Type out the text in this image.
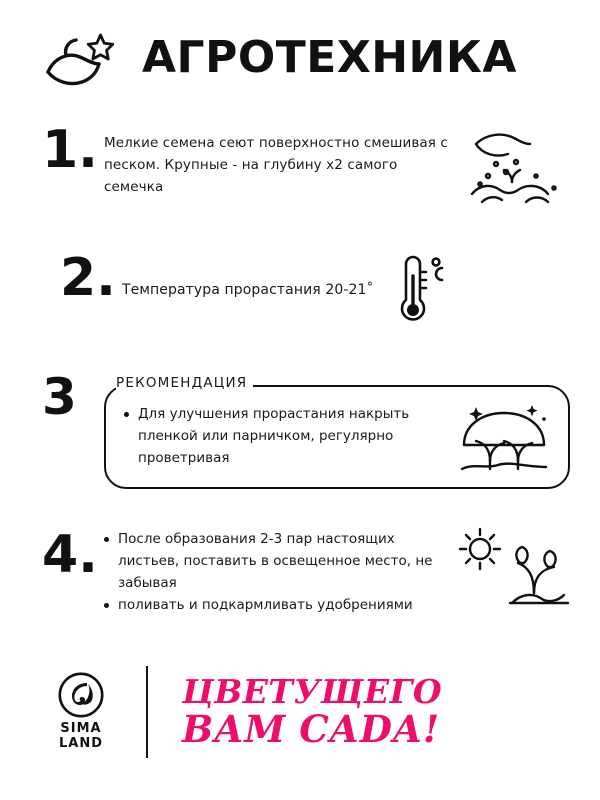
АГРОТЕХНИКА
1. Мелкие семена сеют поверхностно смешивая с песком. Крупные - на глубину х2 самого семечка
2. Температура прорастания 20-21˚
3	РЕКОМЕНДАЦИЯ
Для улучшения прорастания накрыть пленкой или парничком, регулярно проветривая
4.	После образования 2-3 пар настоящих листьев, поставить в освещенное место, не забывая
поливать и подкармливать удобрениями
SIMA
LAND
ЦВЕТУЩЕГО
ВАМ САDА!
